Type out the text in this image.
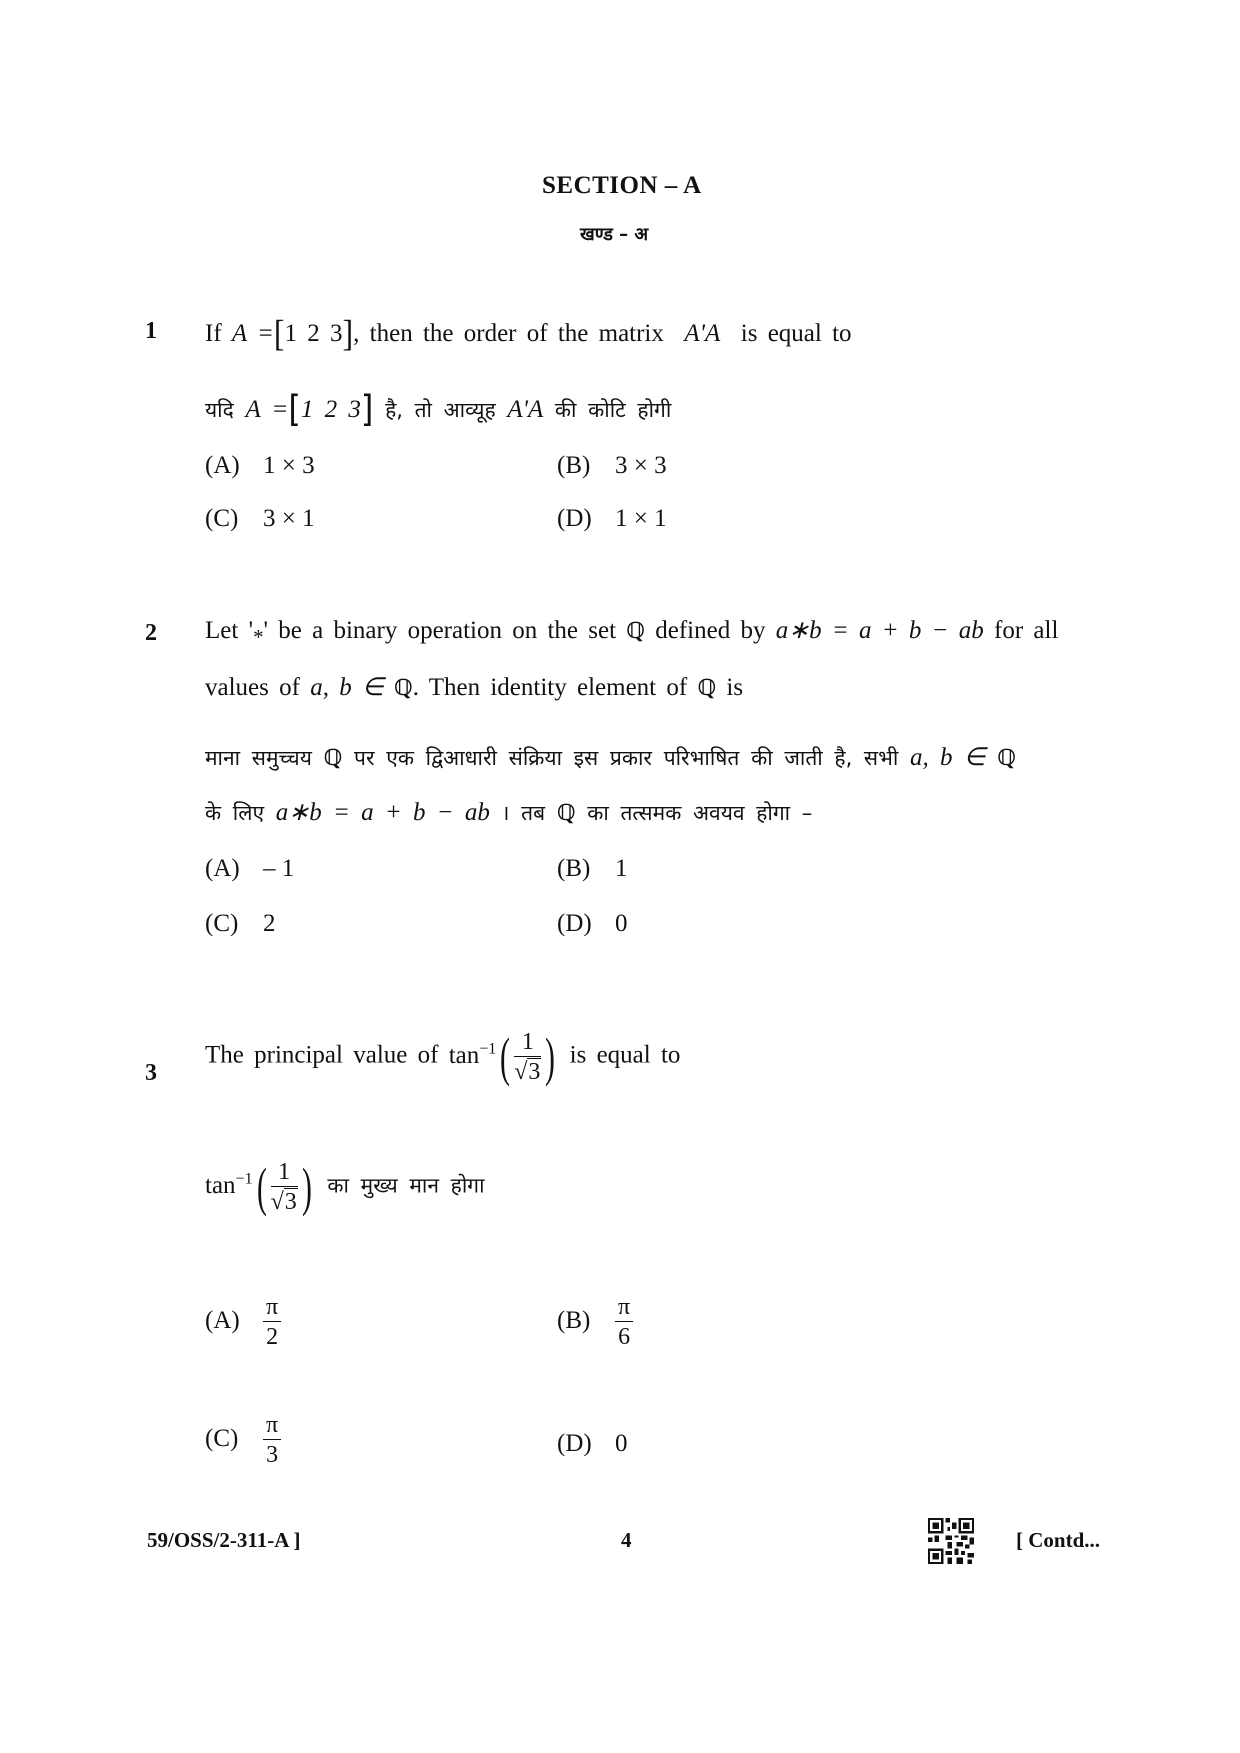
SECTION – A
खण्ड – अ
1 If A =[1 2 3], then the order of the matrix A'A is equal to
यदि A =[1 2 3] है, तो आव्यूह A'A की कोटि होगी
(A) 1 × 3	(B) 3 × 3
(C) 3 × 1	(D) 1 × 1
2 Let '$_*$' be a binary operation on the set ℚ defined by a∗b = a + b − ab for all
values of a, b ∈ ℚ. Then identity element of ℚ is
माना समुच्चय ℚ पर एक द्विआधारी संक्रिया इस प्रकार परिभाषित की जाती है, सभी a, b ∈ ℚ
के लिए a∗b = a + b − ab । तब ℚ का तत्समक अवयव होगा –
(A) – 1	(B) 1
(C) 2	(D) 0
3
The principal value of $\tan^{-1}( \frac{1}{√3}$ ) is equal to
$\tan^{-1}( \frac{1}{√3}$ ) का मुख्य मान होगा
$(A) \frac{\pi}{2}$	$(B) \frac{\pi}{6}$
$(C) \frac{\pi}{3}$	(D) 0
59/OSS/2-311-A ]	4	[ Contd...
